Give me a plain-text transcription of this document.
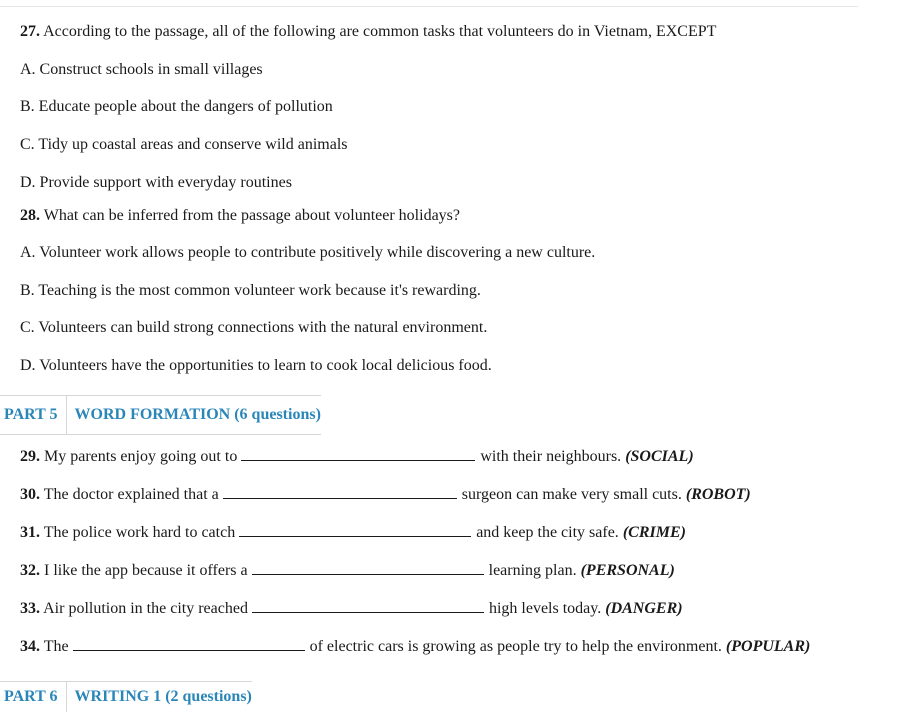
27. According to the passage, all of the following are common tasks that volunteers do in Vietnam, EXCEPT
A. Construct schools in small villages
B. Educate people about the dangers of pollution
C. Tidy up coastal areas and conserve wild animals
D. Provide support with everyday routines
28. What can be inferred from the passage about volunteer holidays?
A. Volunteer work allows people to contribute positively while discovering a new culture.
B. Teaching is the most common volunteer work because it's rewarding.
C. Volunteers can build strong connections with the natural environment.
D. Volunteers have the opportunities to learn to cook local delicious food.
PART 5	WORD FORMATION (6 questions)
29. My parents enjoy going out to	with their neighbours. (SOCIAL)
30. The doctor explained that a	surgeon can make very small cuts. (ROBOT)
31. The police work hard to catch	and keep the city safe. (CRIME)
32. I like the app because it offers a	learning plan. (PERSONAL)
33. Air pollution in the city reached	high levels today. (DANGER)
34. The	of electric cars is growing as people try to help the environment. (POPULAR)
PART 6	WRITING 1 (2 questions)
